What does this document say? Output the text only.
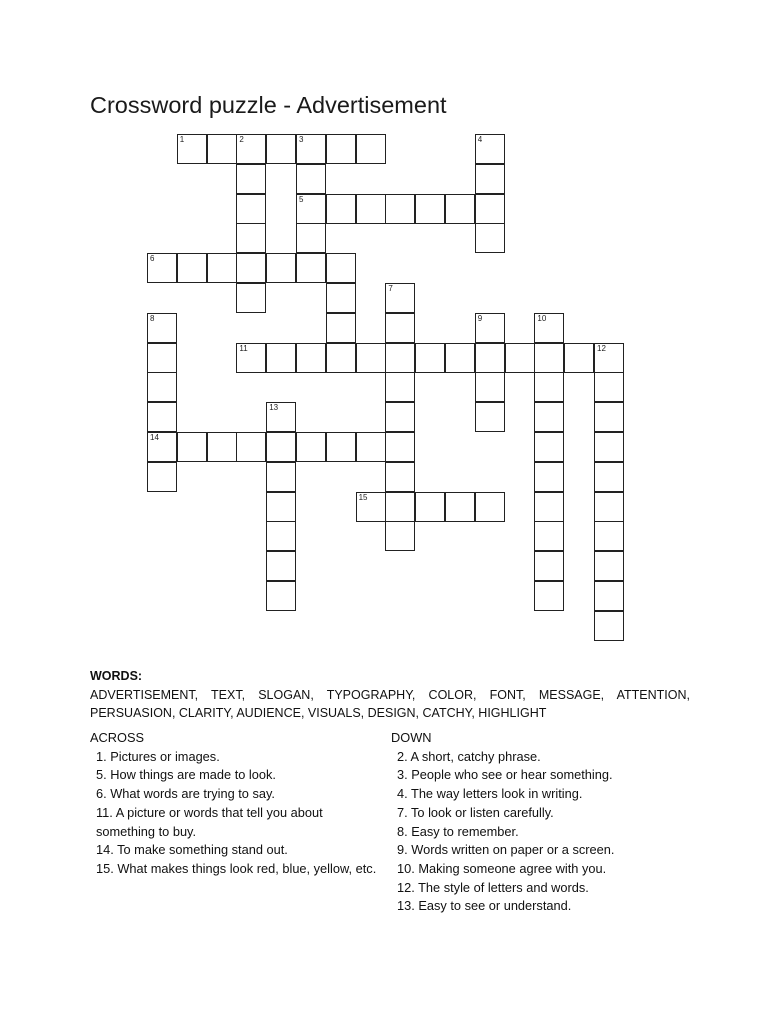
Crossword puzzle - Advertisement
1	2	3	4
5
6
7
8	9	10
11	12
13
14
15
WORDS:
ADVERTISEMENT, TEXT, SLOGAN, TYPOGRAPHY, COLOR, FONT, MESSAGE, ATTENTION, PERSUASION, CLARITY, AUDIENCE, VISUALS, DESIGN, CATCHY, HIGHLIGHT
ACROSS
1. Pictures or images.
5. How things are made to look.
6. What words are trying to say.
11. A picture or words that tell you about something to buy.
14. To make something stand out.
15. What makes things look red, blue, yellow, etc.
DOWN
2. A short, catchy phrase.
3. People who see or hear something.
4. The way letters look in writing.
7. To look or listen carefully.
8. Easy to remember.
9. Words written on paper or a screen.
10. Making someone agree with you.
12. The style of letters and words.
13. Easy to see or understand.
